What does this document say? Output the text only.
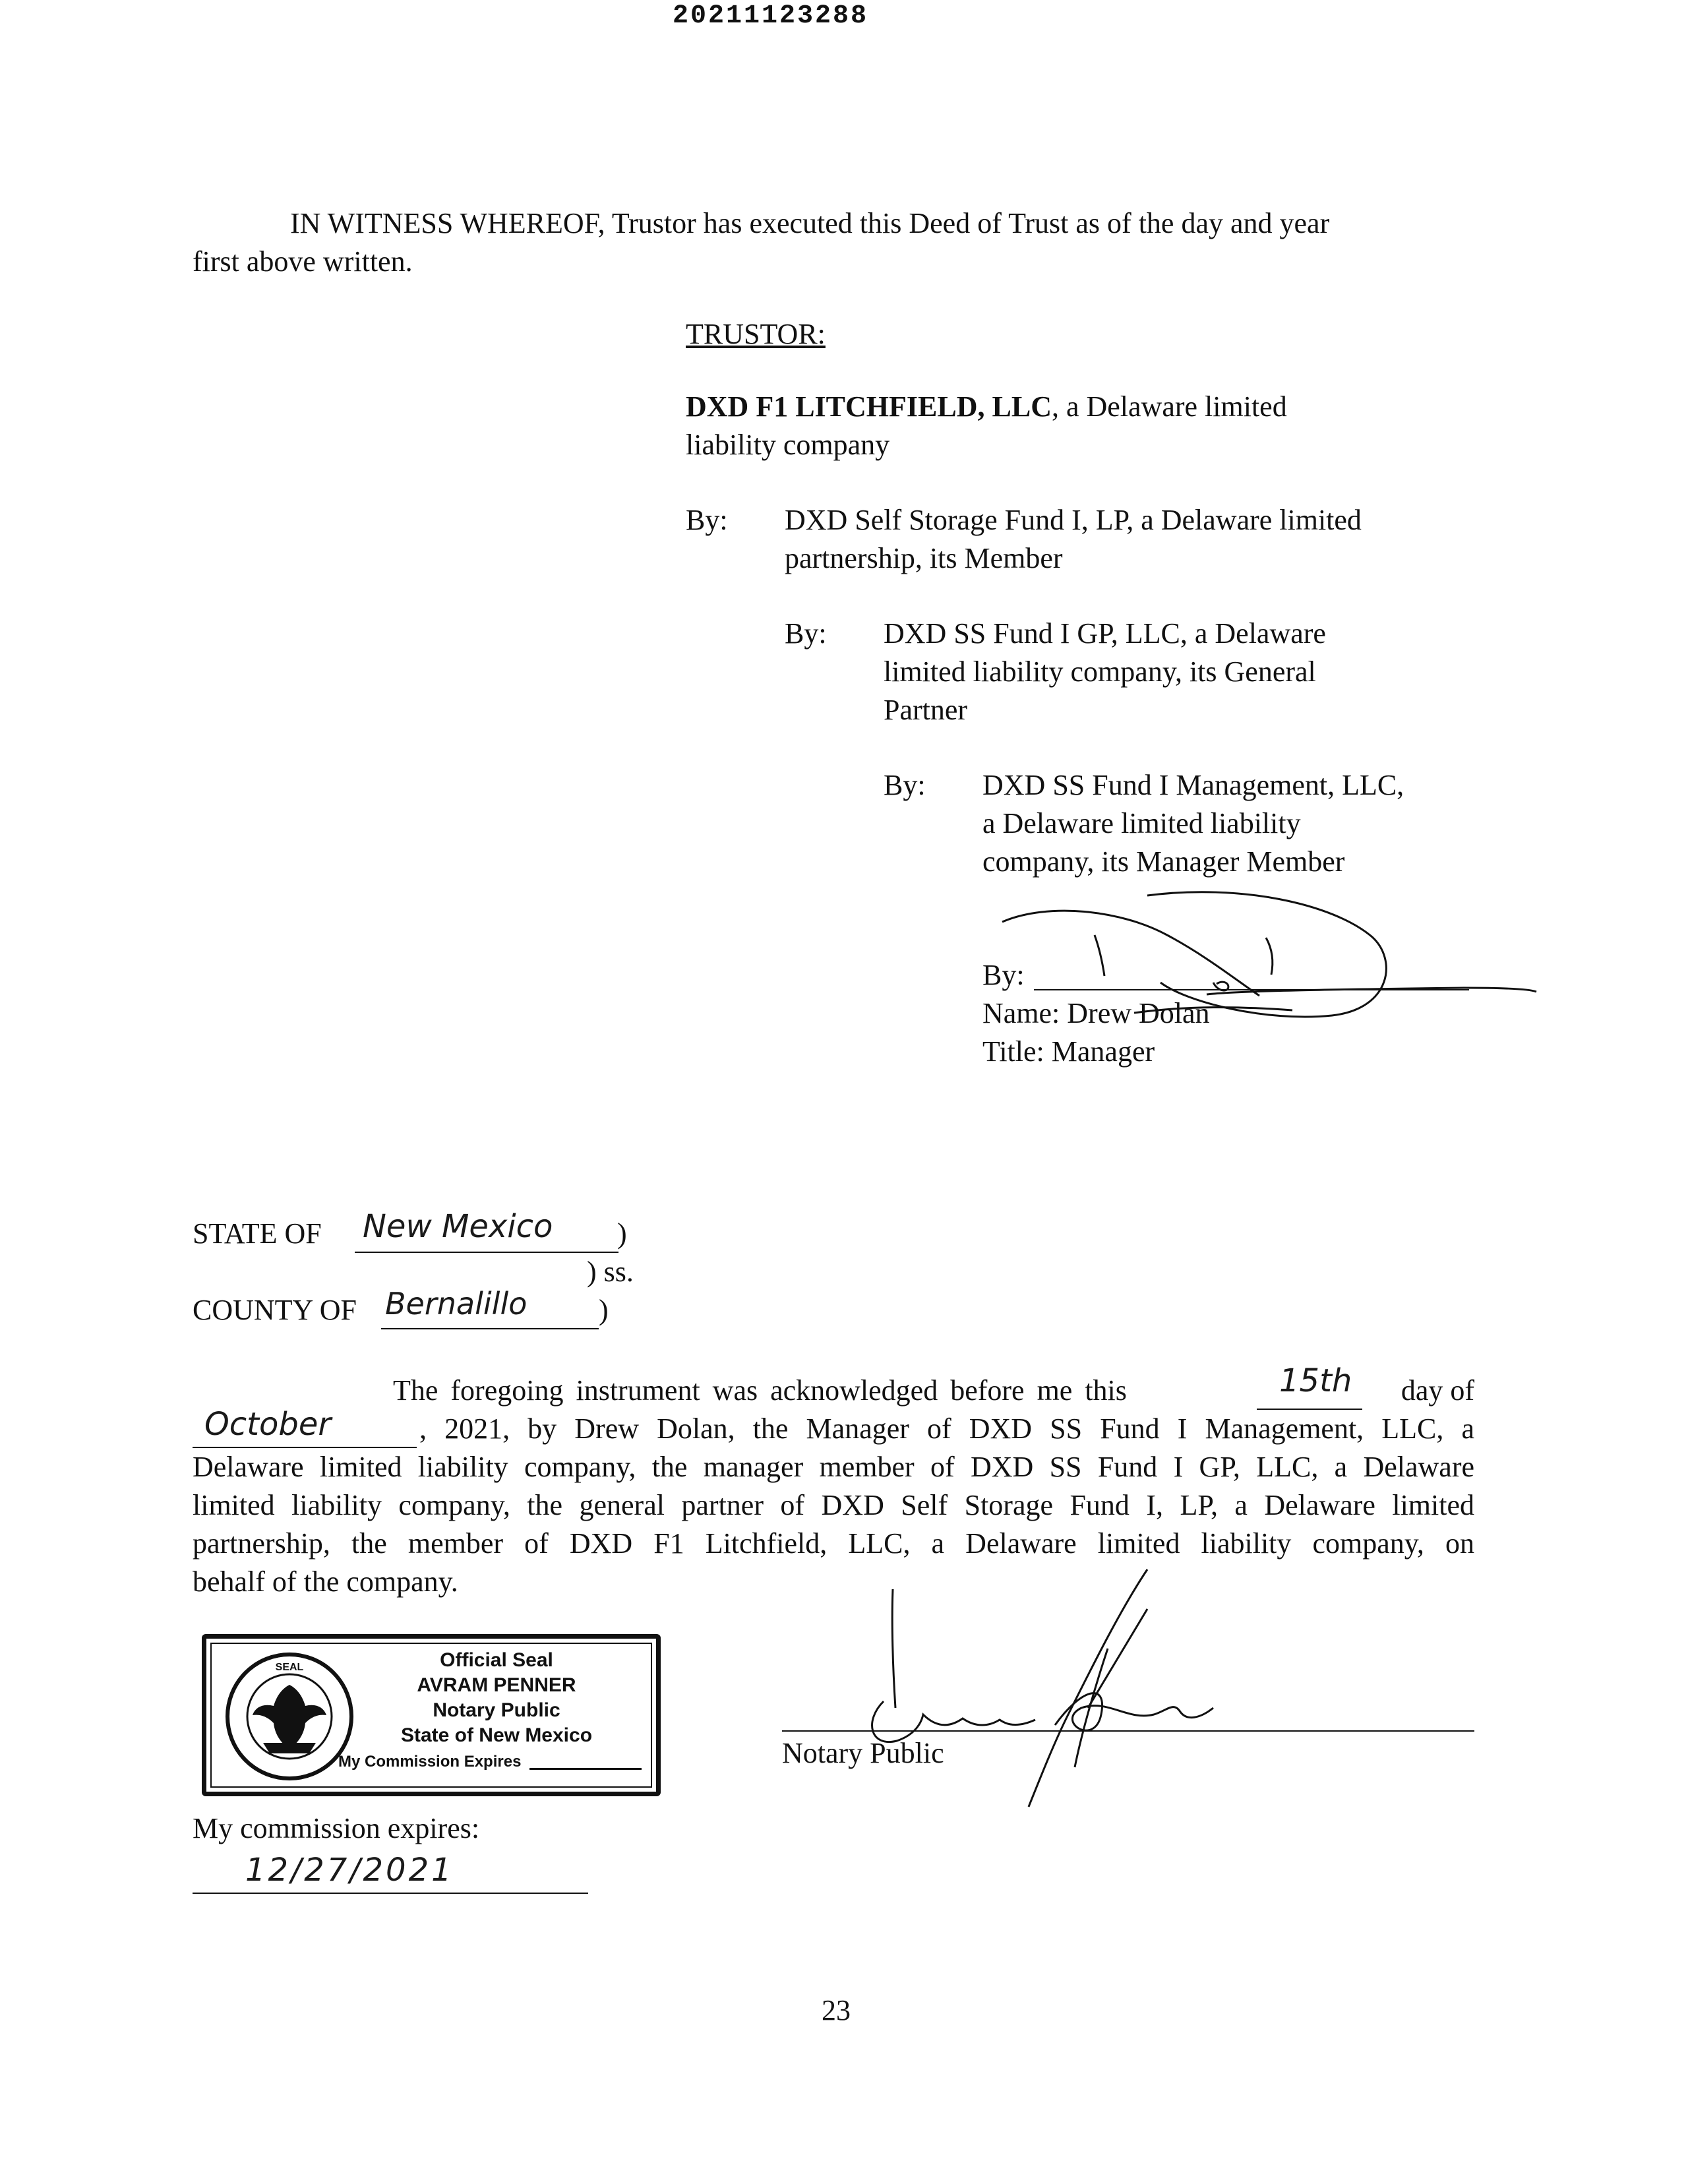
20211123288
IN WITNESS WHEREOF, Trustor has executed this Deed of Trust as of the day and year
first above written.
TRUSTOR:
DXD F1 LITCHFIELD, LLC, a Delaware limited
liability company
By: DXD Self Storage Fund I, LP, a Delaware limited
partnership, its Member
By: DXD SS Fund I GP, LLC, a Delaware
limited liability company, its General
Partner
By: DXD SS Fund I Management, LLC,
a Delaware limited liability
company, its Manager Member
By:
Name: Drew Dolan
Title: Manager
STATE OF New Mexico )
) ss.
COUNTY OF Bernalillo )
The foregoing instrument was acknowledged before me this	day of
15th
October	, 2021, by Drew Dolan, the Manager of DXD SS Fund I Management, LLC, a
Delaware limited liability company, the manager member of DXD SS Fund I GP, LLC, a Delaware
limited liability company, the general partner of DXD Self Storage Fund I, LP, a Delaware limited
partnership, the member of DXD F1 Litchfield, LLC, a Delaware limited liability company, on
behalf of the company.
SEAL	Official Seal
AVRAM PENNER
Notary Public
State of New Mexico
My Commission Expires	Notary Public
My commission expires:
12/27/2021
23
